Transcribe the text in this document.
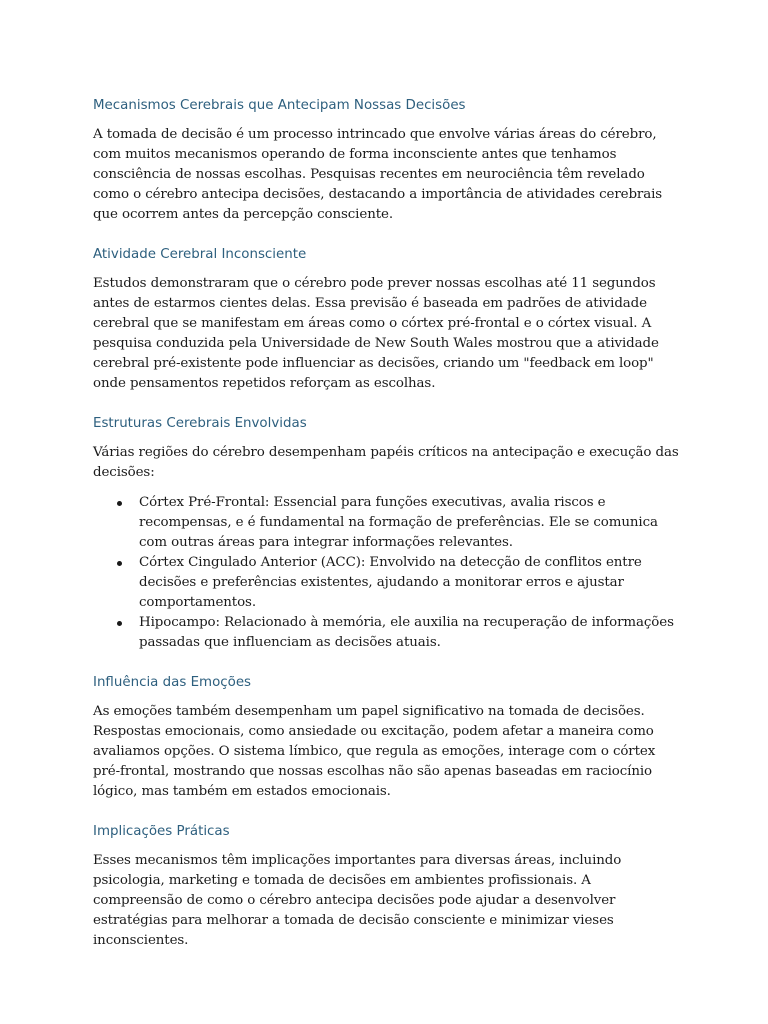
Mecanismos Cerebrais que Antecipam Nossas Decisões

A tomada de decisão é um processo intrincado que envolve várias áreas do cérebro, com muitos mecanismos operando de forma inconsciente antes que tenhamos consciência de nossas escolhas. Pesquisas recentes em neurociência têm revelado como o cérebro antecipa decisões, destacando a importância de atividades cerebrais que ocorrem antes da percepção consciente.

Atividade Cerebral Inconsciente

Estudos demonstraram que o cérebro pode prever nossas escolhas até 11 segundos antes de estarmos cientes delas. Essa previsão é baseada em padrões de atividade cerebral que se manifestam em áreas como o córtex pré-frontal e o córtex visual. A pesquisa conduzida pela Universidade de New South Wales mostrou que a atividade cerebral pré-existente pode influenciar as decisões, criando um "feedback em loop" onde pensamentos repetidos reforçam as escolhas.

Estruturas Cerebrais Envolvidas

Várias regiões do cérebro desempenham papéis críticos na antecipação e execução das decisões:

Córtex Pré-Frontal: Essencial para funções executivas, avalia riscos e recompensas, e é fundamental na formação de preferências. Ele se comunica com outras áreas para integrar informações relevantes.
Córtex Cingulado Anterior (ACC): Envolvido na detecção de conflitos entre decisões e preferências existentes, ajudando a monitorar erros e ajustar comportamentos.
Hipocampo: Relacionado à memória, ele auxilia na recuperação de informações passadas que influenciam as decisões atuais.
Influência das Emoções

As emoções também desempenham um papel significativo na tomada de decisões. Respostas emocionais, como ansiedade ou excitação, podem afetar a maneira como avaliamos opções. O sistema límbico, que regula as emoções, interage com o córtex pré-frontal, mostrando que nossas escolhas não são apenas baseadas em raciocínio lógico, mas também em estados emocionais.

Implicações Práticas

Esses mecanismos têm implicações importantes para diversas áreas, incluindo psicologia, marketing e tomada de decisões em ambientes profissionais. A compreensão de como o cérebro antecipa decisões pode ajudar a desenvolver estratégias para melhorar a tomada de decisão consciente e minimizar vieses inconscientes.
